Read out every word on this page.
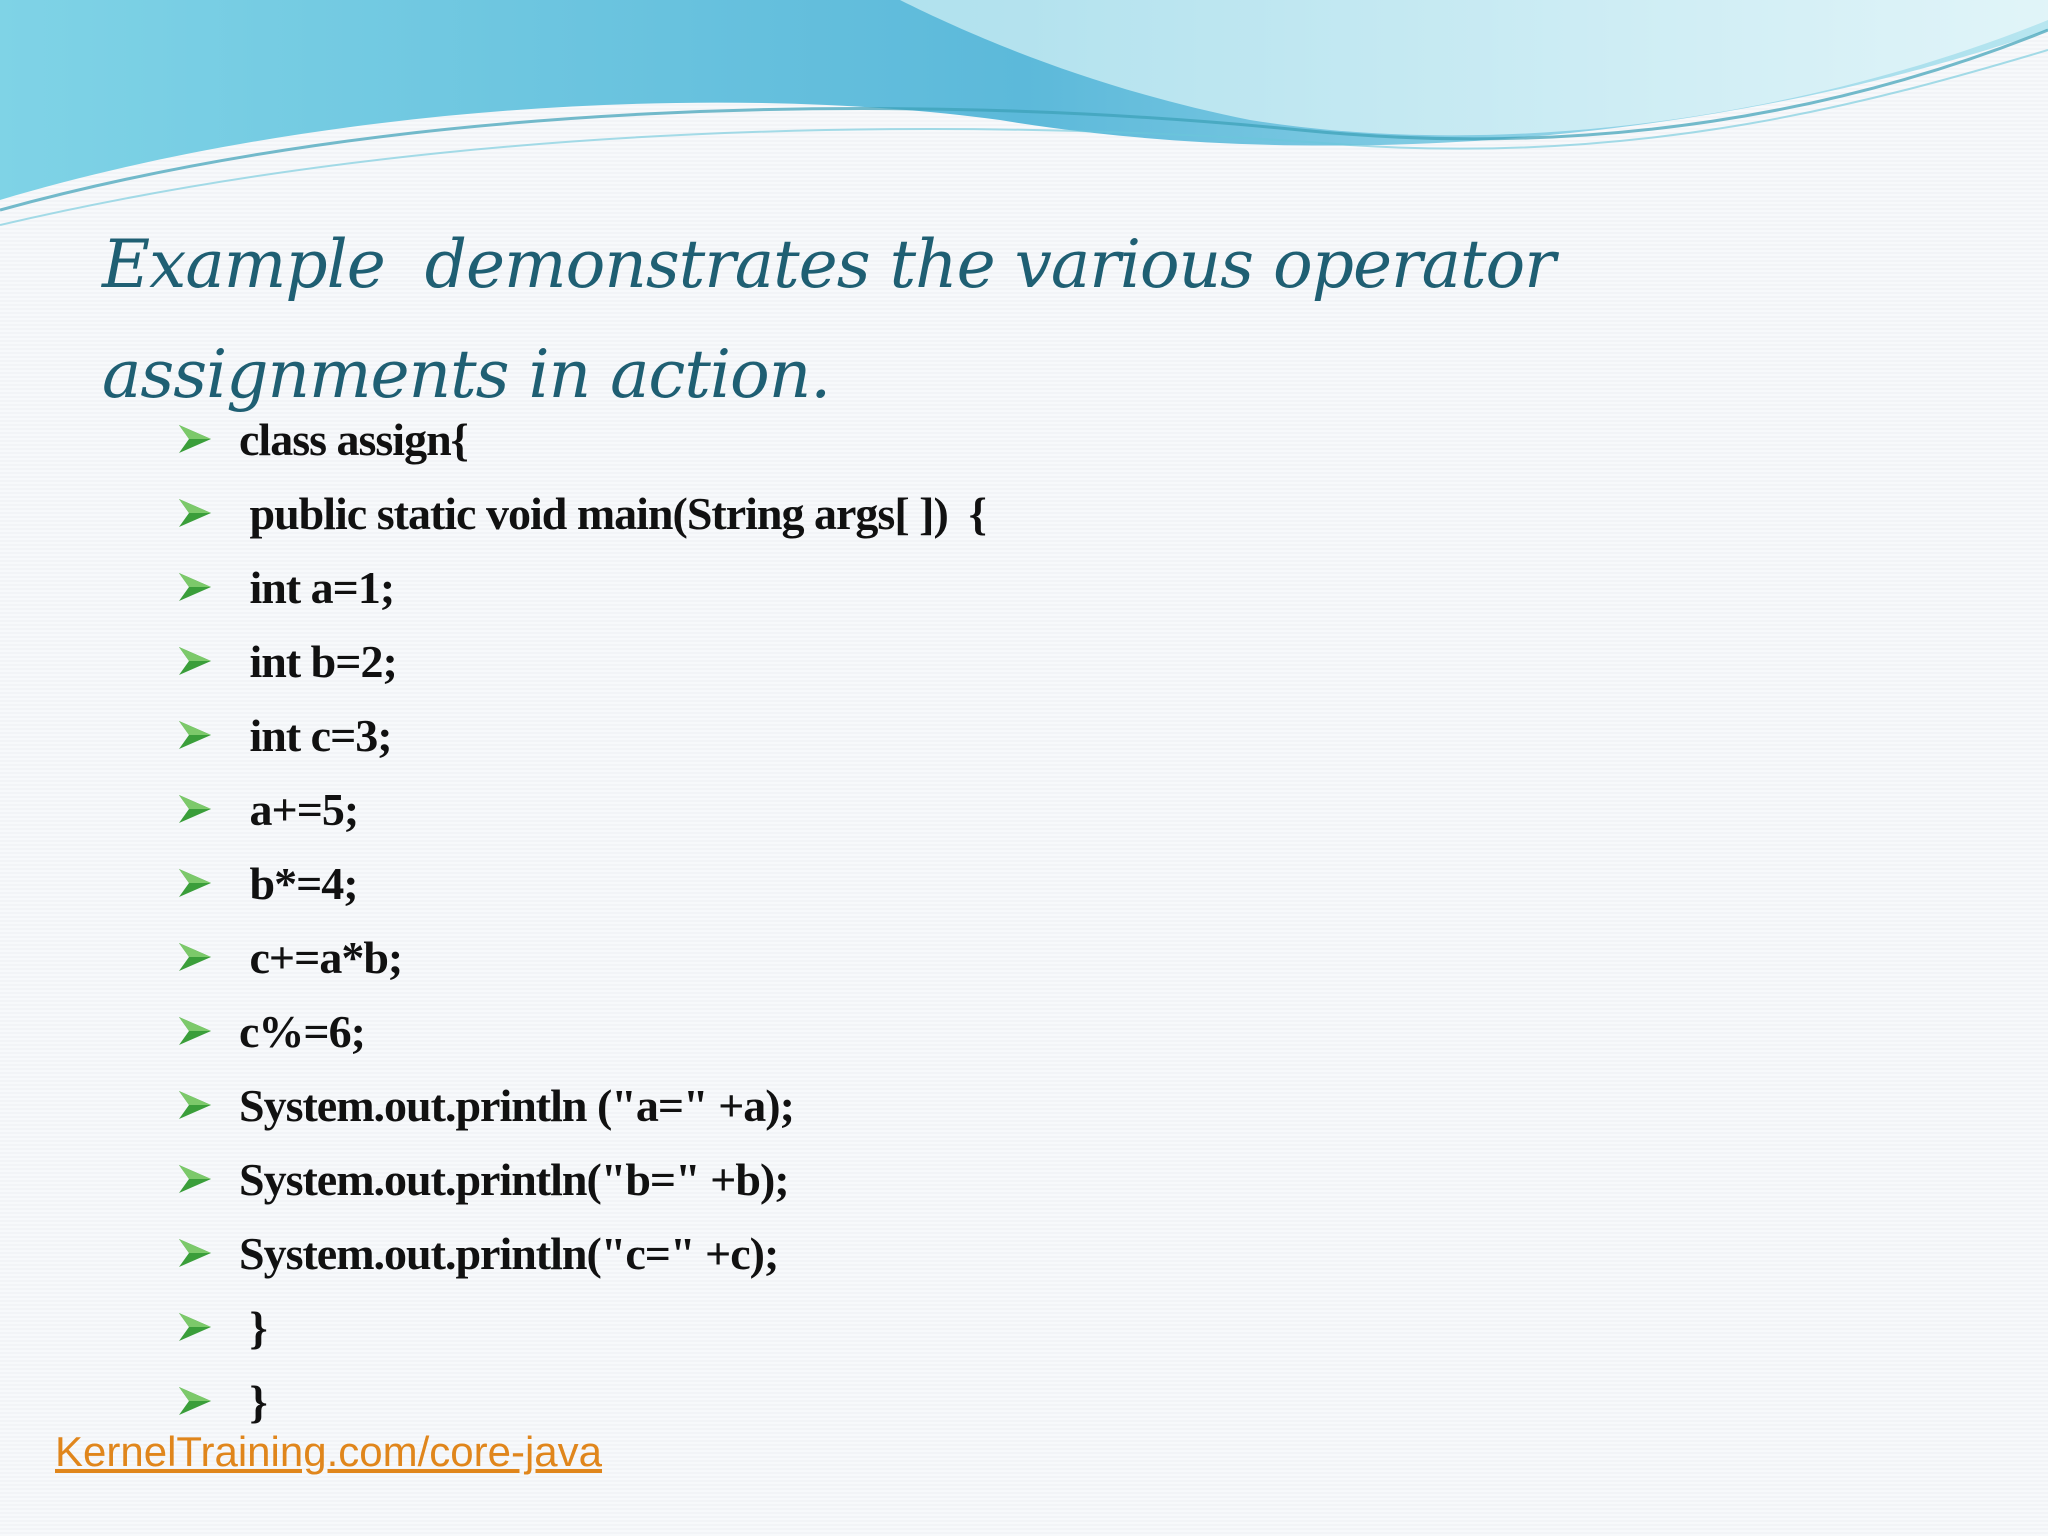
Example  demonstrates the various operator assignments in action.
class assign{
public static void main(String args[ ])  {
int a=1;
int b=2;
int c=3;
a+=5;
b*=4;
c+=a*b;
c%=6;
System.out.println ("a=" +a);
System.out.println("b=" +b);
System.out.println("c=" +c);
}
}
KernelTraining.com/core-java
